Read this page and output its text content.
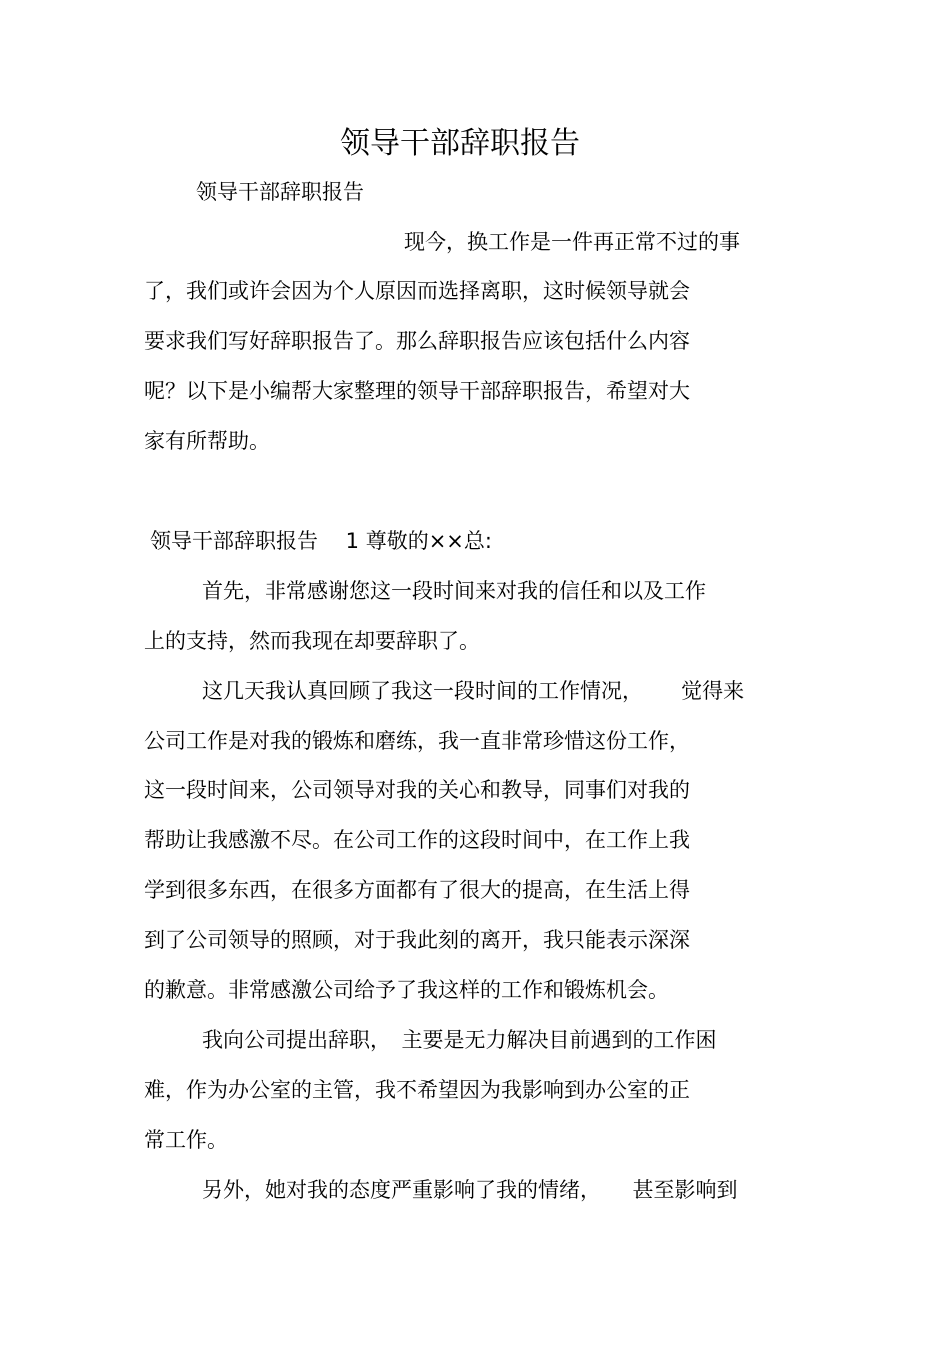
领导干部辞职报告
领导干部辞职报告
现今，换工作是一件再正常不过的事
了，我们或许会因为个人原因而选择离职，这时候领导就会
要求我们写好辞职报告了。那么辞职报告应该包括什么内容
呢？以下是小编帮大家整理的领导干部辞职报告，希望对大
家有所帮助。
领导干部辞职报告　 1 尊敬的××总:
首先，非常感谢您这一段时间来对我的信任和以及工作
上的支持，然而我现在却要辞职了。
这几天我认真回顾了我这一段时间的工作情况，　　 觉得来
公司工作是对我的锻炼和磨练，我一直非常珍惜这份工作，
这一段时间来，公司领导对我的关心和教导，同事们对我的
帮助让我感激不尽。在公司工作的这段时间中，在工作上我
学到很多东西，在很多方面都有了很大的提高，在生活上得
到了公司领导的照顾，对于我此刻的离开，我只能表示深深
的歉意。非常感激公司给予了我这样的工作和锻炼机会。
我向公司提出辞职，　主要是无力解决目前遇到的工作困
难，作为办公室的主管，我不希望因为我影响到办公室的正
常工作。
另外，她对我的态度严重影响了我的情绪，　　甚至影响到
